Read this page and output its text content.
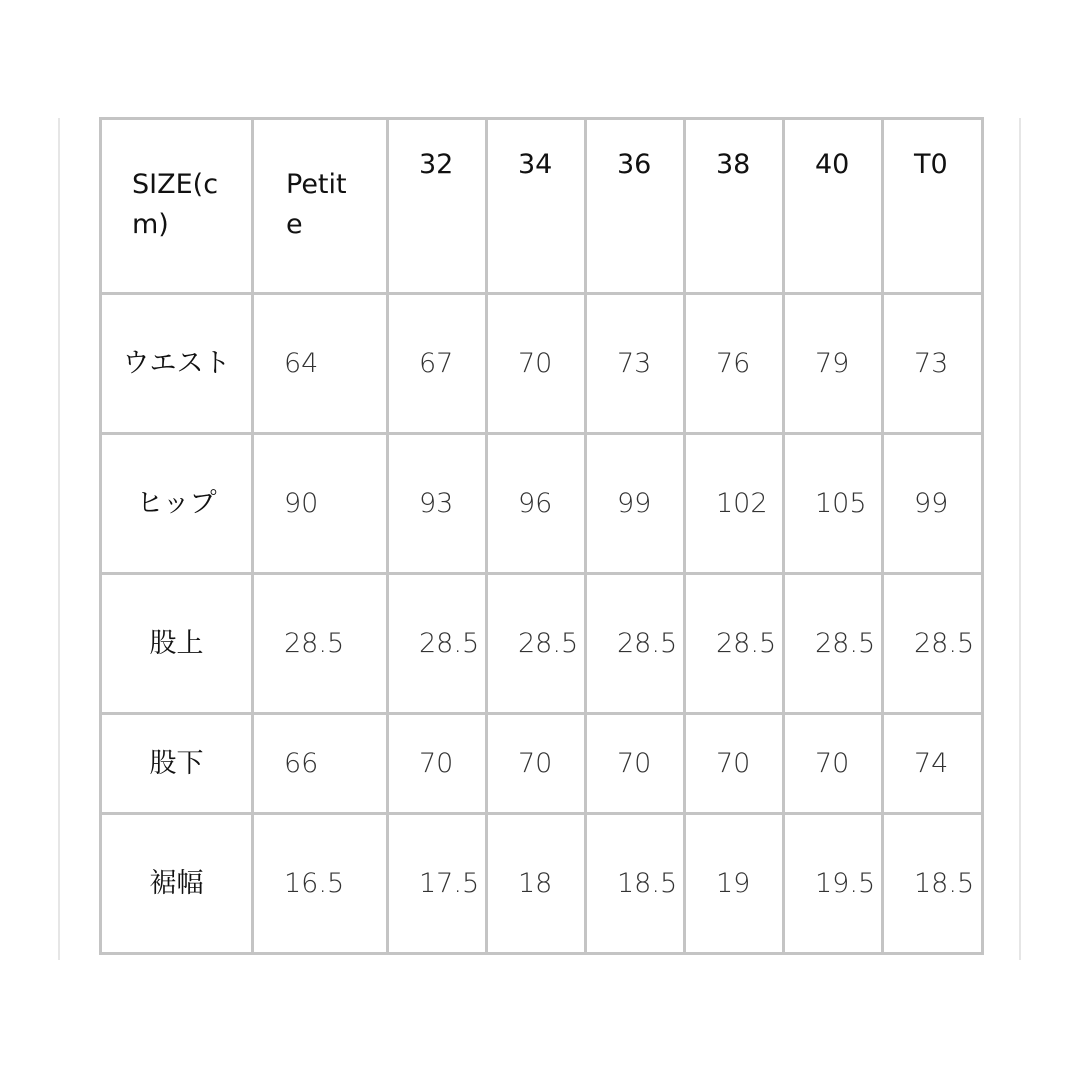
SIZE(cm)	Petite	32	34	36	38	40	T0
ウエスト	64	67	70	73	76	79	73
ヒップ	90	93	96	99	102	105	99
股上	28.5	28.5	28.5	28.5	28.5	28.5	28.5
股下	66	70	70	70	70	70	74
裾幅	16.5	17.5	18	18.5	19	19.5	18.5
